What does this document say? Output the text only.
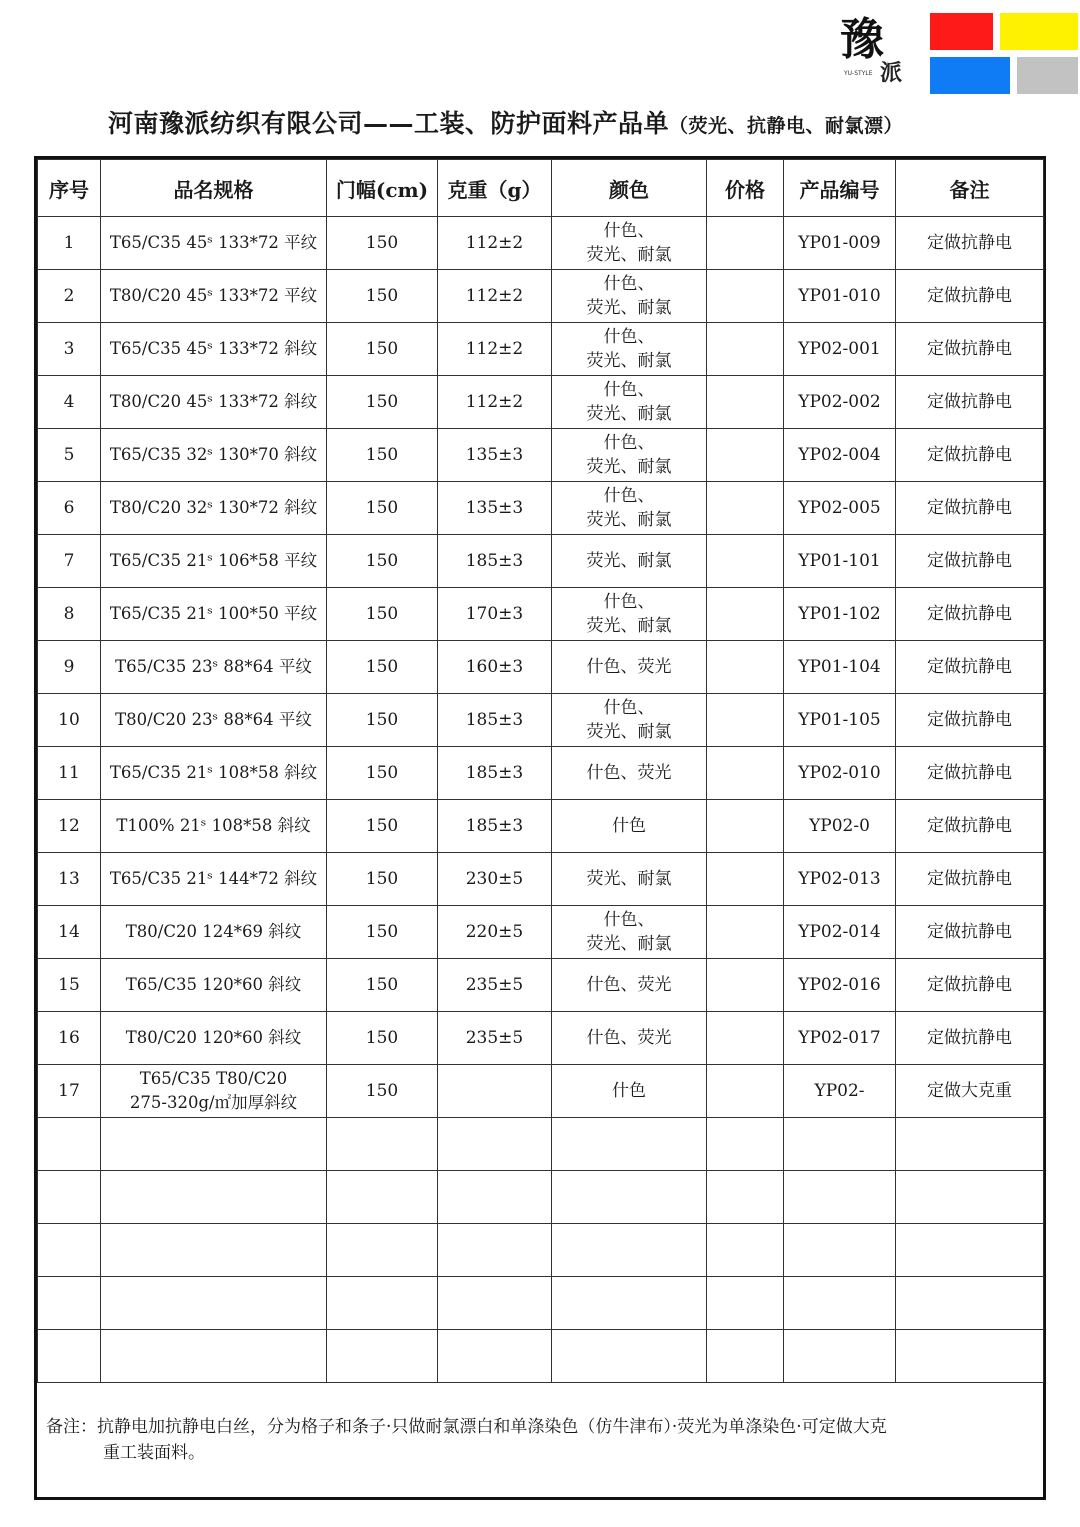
豫
派
YU-STYLE
河南豫派纺织有限公司——工装、防护面料产品单（荧光、抗静电、耐氯漂）
序号	品名规格	门幅(cm)	克重（g）	颜色	价格	产品编号	备注
1	T65/C35 45ˢ 133*72 平纹	150	112±2	什色、
荧光、耐氯		YP01-009	定做抗静电
2	T80/C20 45ˢ 133*72 平纹	150	112±2	什色、
荧光、耐氯		YP01-010	定做抗静电
3	T65/C35 45ˢ 133*72 斜纹	150	112±2	什色、
荧光、耐氯		YP02-001	定做抗静电
4	T80/C20 45ˢ 133*72 斜纹	150	112±2	什色、
荧光、耐氯		YP02-002	定做抗静电
5	T65/C35 32ˢ 130*70 斜纹	150	135±3	什色、
荧光、耐氯		YP02-004	定做抗静电
6	T80/C20 32ˢ 130*72 斜纹	150	135±3	什色、
荧光、耐氯		YP02-005	定做抗静电
7	T65/C35 21ˢ 106*58 平纹	150	185±3	荧光、耐氯		YP01-101	定做抗静电
8	T65/C35 21ˢ 100*50 平纹	150	170±3	什色、
荧光、耐氯		YP01-102	定做抗静电
9	T65/C35 23ˢ 88*64 平纹	150	160±3	什色、荧光		YP01-104	定做抗静电
10	T80/C20 23ˢ 88*64 平纹	150	185±3	什色、
荧光、耐氯		YP01-105	定做抗静电
11	T65/C35 21ˢ 108*58 斜纹	150	185±3	什色、荧光		YP02-010	定做抗静电
12	T100% 21ˢ 108*58 斜纹	150	185±3	什色		YP02-0	定做抗静电
13	T65/C35 21ˢ 144*72 斜纹	150	230±5	荧光、耐氯		YP02-013	定做抗静电
14	T80/C20 124*69 斜纹	150	220±5	什色、
荧光、耐氯		YP02-014	定做抗静电
15	T65/C35 120*60 斜纹	150	235±5	什色、荧光		YP02-016	定做抗静电
16	T80/C20 120*60 斜纹	150	235±5	什色、荧光		YP02-017	定做抗静电
17	T65/C35 T80/C20
275-320g/㎡加厚斜纹	150		什色		YP02-	定做大克重

备注：抗静电加抗静电白丝，分为格子和条子·只做耐氯漂白和单涤染色（仿牛津布）·荧光为单涤染色·可定做大克
重工装面料。
